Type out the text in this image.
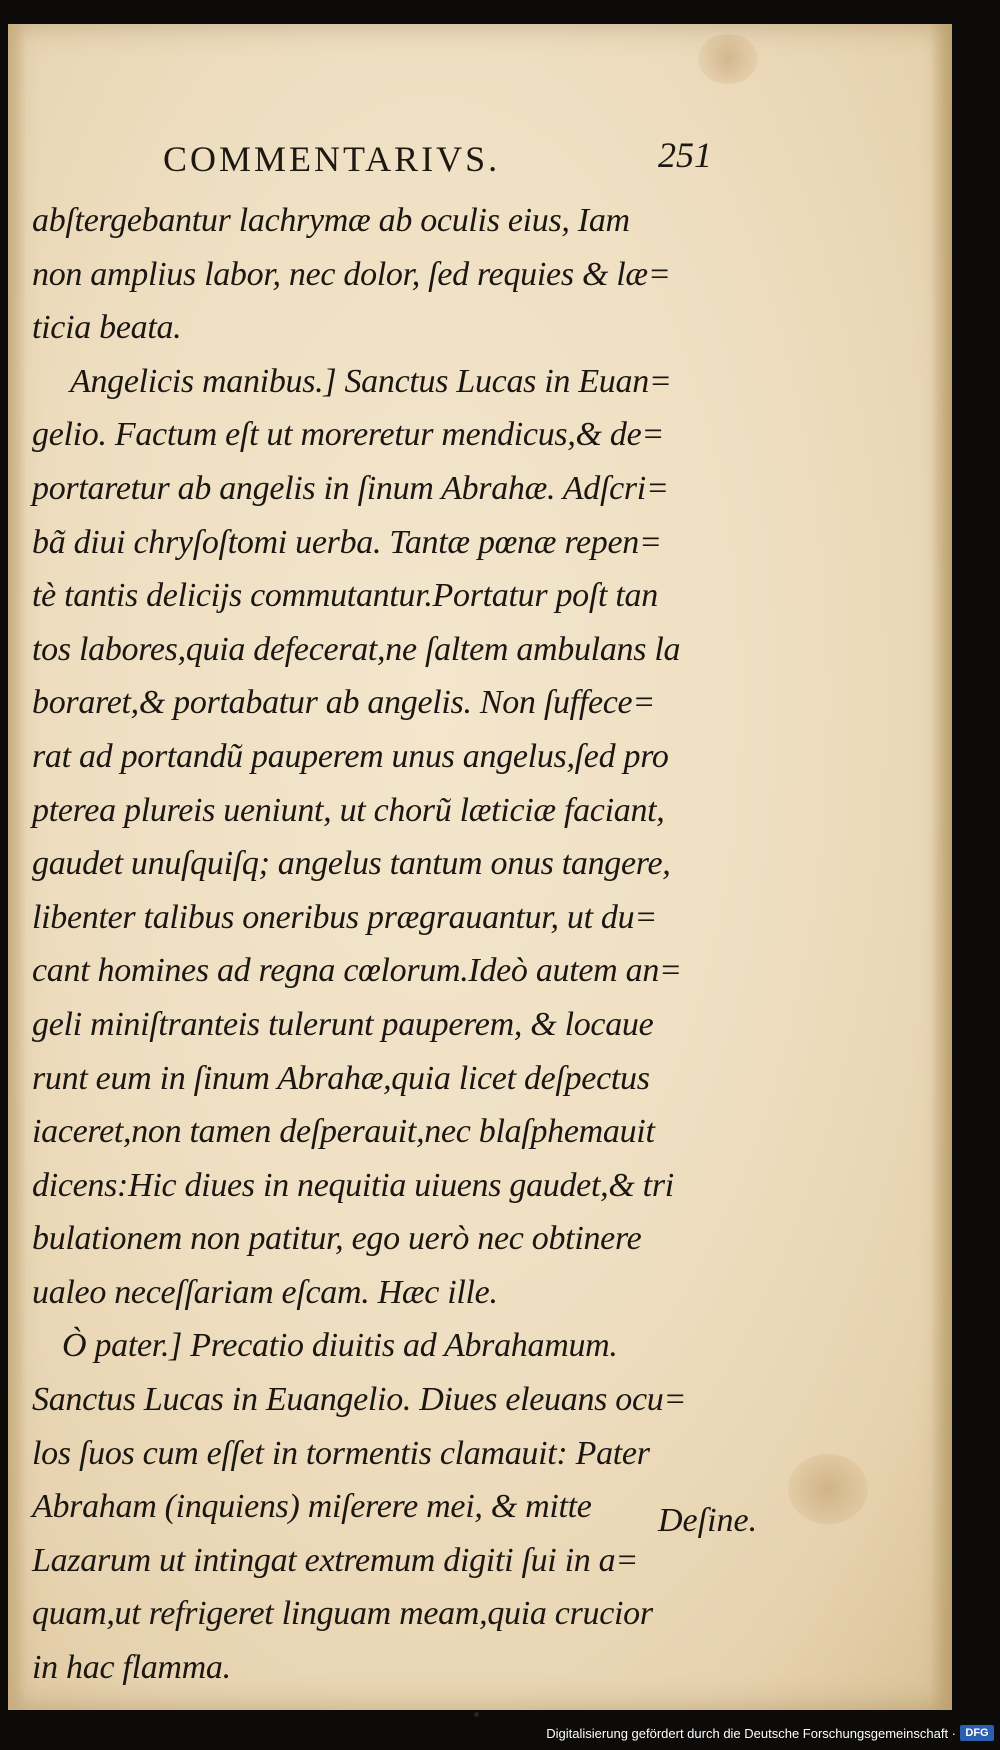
COMMENTARIVS.	251
abſtergebantur lachrymæ ab oculis eius, Iam
non amplius labor, nec dolor, ſed requies & læ=
ticia beata.
Angelicis manibus.] Sanctus Lucas in Euan=
gelio. Factum eſt ut moreretur mendicus,& de=
portaretur ab angelis in ſinum Abrahæ. Adſcri=
bã diui chryſoſtomi uerba. Tantæ pœnæ repen=
tè tantis delicijs commutantur.Portatur poſt tan
tos labores,quia defecerat,ne ſaltem ambulans la
boraret,& portabatur ab angelis. Non ſuffece=
rat ad portandũ pauperem unus angelus,ſed pro
pterea plureis ueniunt, ut chorũ læticiæ faciant,
gaudet unuſquiſq; angelus tantum onus tangere,
libenter talibus oneribus prægrauantur, ut du=
cant homines ad regna cœlorum.Ideò autem an=
geli miniſtranteis tulerunt pauperem, & locaue
runt eum in ſinum Abrahæ,quia licet deſpectus
iaceret,non tamen deſperauit,nec blaſphemauit
dicens:Hic diues in nequitia uiuens gaudet,& tri
bulationem non patitur, ego uerò nec obtinere
ualeo neceſſariam eſcam. Hæc ille.
Ò pater.] Precatio diuitis ad Abrahamum.
Sanctus Lucas in Euangelio. Diues eleuans ocu=
los ſuos cum eſſet in tormentis clamauit: Pater
Abraham (inquiens) miſerere mei, & mitte
Lazarum ut intingat extremum digiti ſui in a=
quam,ut refrigeret linguam meam,quia crucior
in hac flamma.
Deſine.
Digitalisierung gefördert durch die Deutsche Forschungsgemeinschaft · DFG
